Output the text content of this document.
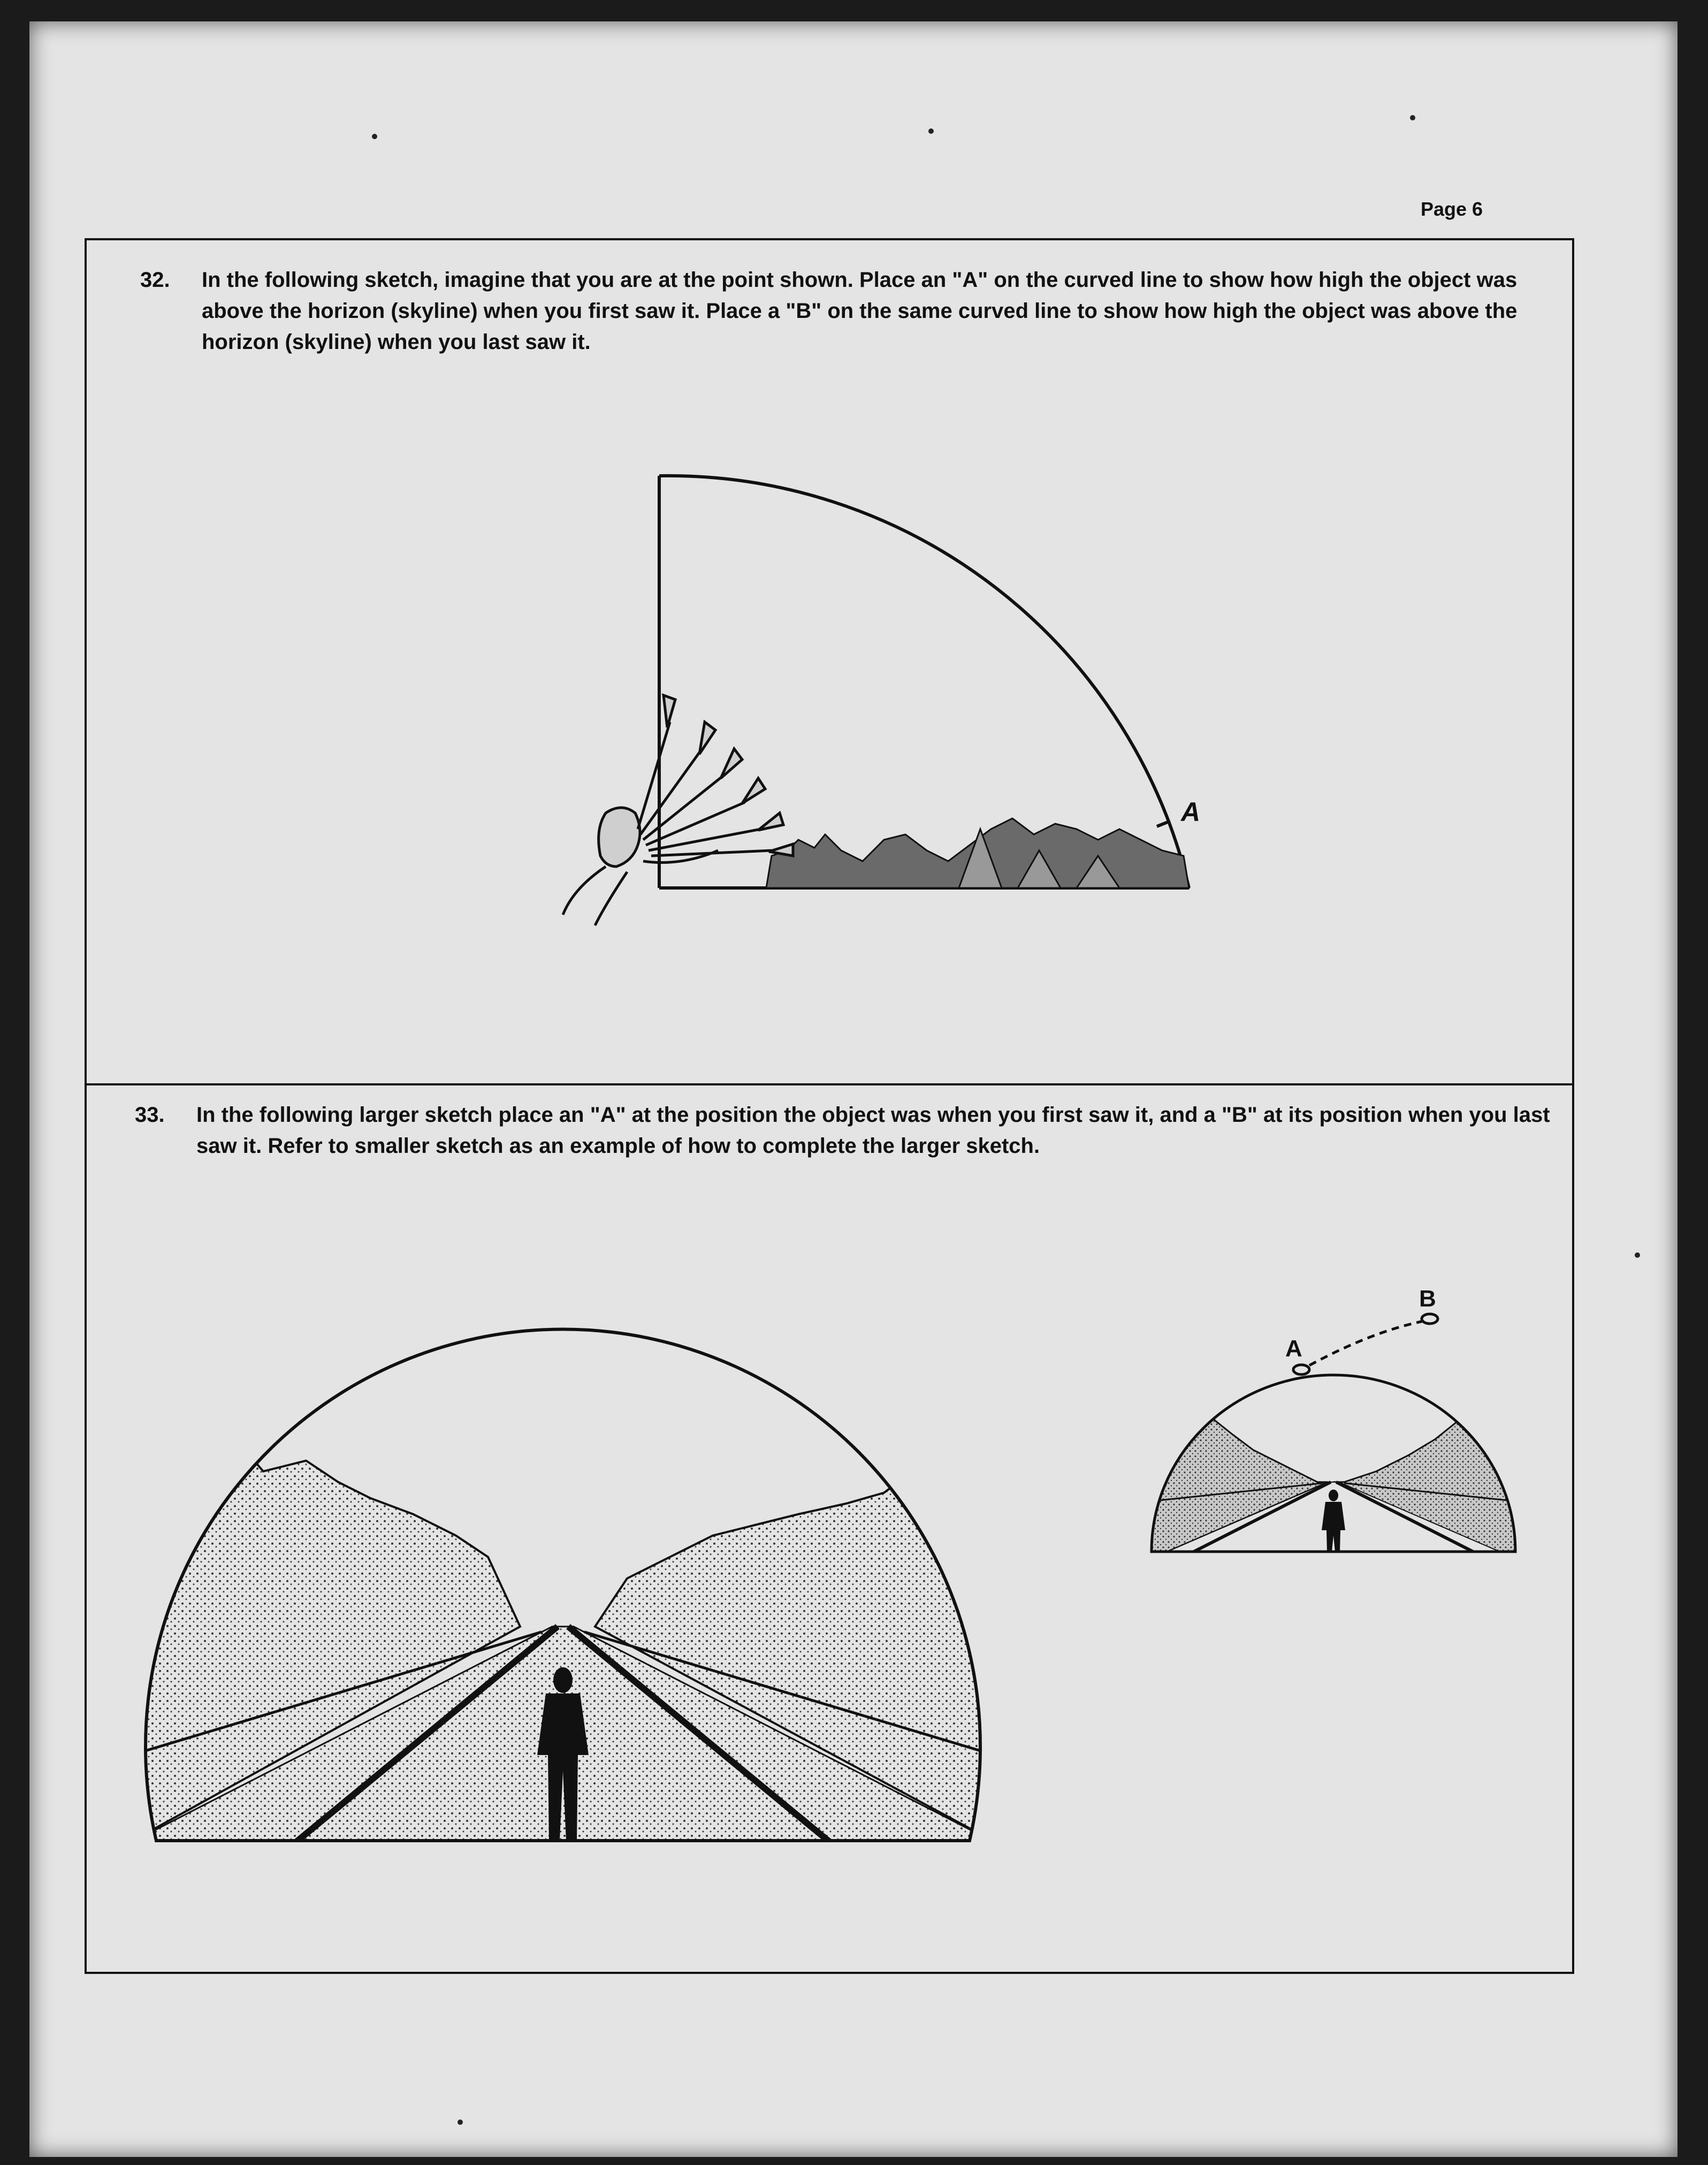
Page 6

32.	In the following sketch, imagine that you are at the point shown. Place an "A" on the curved line to show how high the object was above the horizon (skyline) when you first saw it. Place a "B" on the same curved line to show how high the object was above the horizon (skyline) when you last saw it.

A

33.	In the following larger sketch place an "A" at the position the object was when you first saw it, and a "B" at its position when you last saw it. Refer to smaller sketch as an example of how to complete the larger sketch.

A
B
